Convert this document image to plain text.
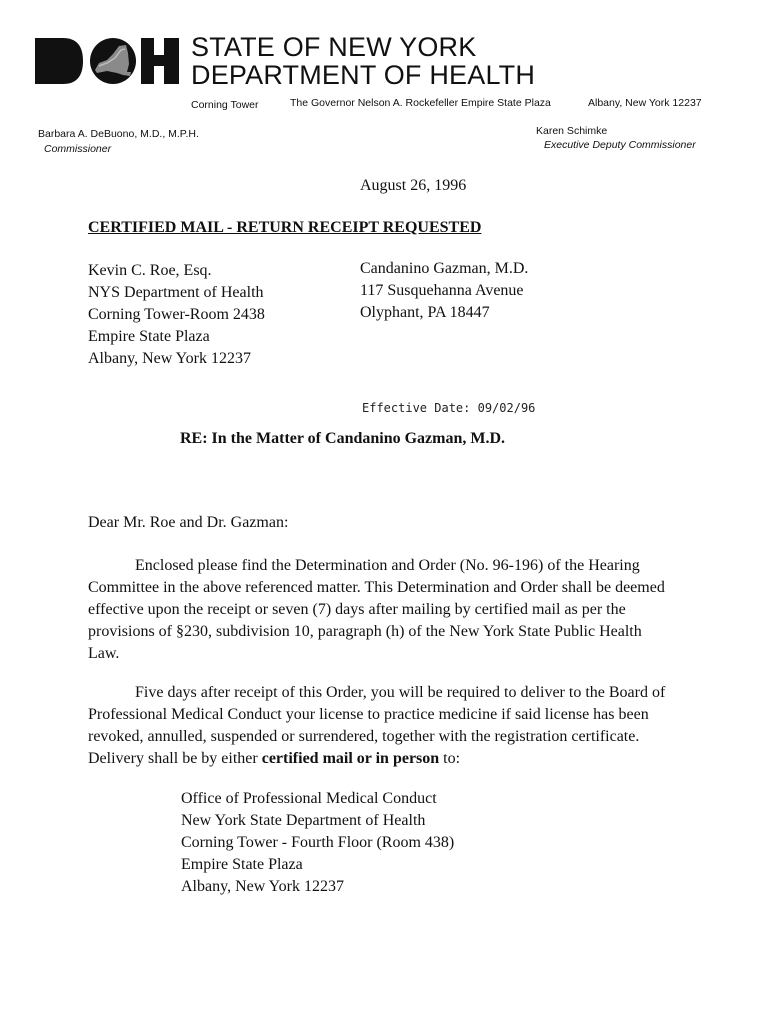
STATE OF NEW YORK
DEPARTMENT OF HEALTH
Corning Tower	The Governor Nelson A. Rockefeller Empire State Plaza	Albany, New York 12237
Barbara A. DeBuono, M.D., M.P.H.
Commissioner
Karen Schimke
Executive Deputy Commissioner
August 26, 1996
CERTIFIED MAIL - RETURN RECEIPT REQUESTED
Kevin C. Roe, Esq.
NYS Department of Health
Corning Tower-Room 2438
Empire State Plaza
Albany, New York 12237
Candanino Gazman, M.D.
117 Susquehanna Avenue
Olyphant, PA 18447
Effective Date: 09/02/96
RE: In the Matter of Candanino Gazman, M.D.
Dear Mr. Roe and Dr. Gazman:
Enclosed please find the Determination and Order (No. 96-196) of the Hearing Committee in the above referenced matter. This Determination and Order shall be deemed effective upon the receipt or seven (7) days after mailing by certified mail as per the provisions of §230, subdivision 10, paragraph (h) of the New York State Public Health Law.
Five days after receipt of this Order, you will be required to deliver to the Board of Professional Medical Conduct your license to practice medicine if said license has been revoked, annulled, suspended or surrendered, together with the registration certificate. Delivery shall be by either certified mail or in person to:
Office of Professional Medical Conduct
New York State Department of Health
Corning Tower - Fourth Floor (Room 438)
Empire State Plaza
Albany, New York 12237
